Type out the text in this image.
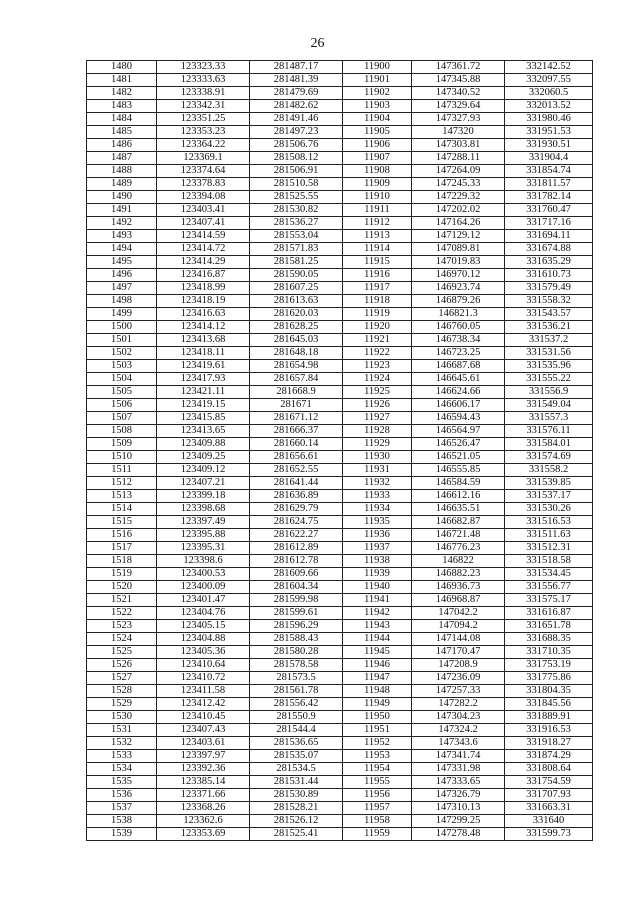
26
1480	123323.33	281487.17	11900	147361.72	332142.52
1481	123333.63	281481.39	11901	147345.88	332097.55
1482	123338.91	281479.69	11902	147340.52	332060.5
1483	123342.31	281482.62	11903	147329.64	332013.52
1484	123351.25	281491.46	11904	147327.93	331980.46
1485	123353.23	281497.23	11905	147320	331951.53
1486	123364.22	281506.76	11906	147303.81	331930.51
1487	123369.1	281508.12	11907	147288.11	331904.4
1488	123374.64	281506.91	11908	147264.09	331854.74
1489	123378.83	281510.58	11909	147245.33	331811.57
1490	123394.08	281525.55	11910	147229.32	331782.14
1491	123403.41	281530.82	11911	147202.02	331760.47
1492	123407.41	281536.27	11912	147164.26	331717.16
1493	123414.59	281553.04	11913	147129.12	331694.11
1494	123414.72	281571.83	11914	147089.81	331674.88
1495	123414.29	281581.25	11915	147019.83	331635.29
1496	123416.87	281590.05	11916	146970.12	331610.73
1497	123418.99	281607.25	11917	146923.74	331579.49
1498	123418.19	281613.63	11918	146879.26	331558.32
1499	123416.63	281620.03	11919	146821.3	331543.57
1500	123414.12	281628.25	11920	146760.05	331536.21
1501	123413.68	281645.03	11921	146738.34	331537.2
1502	123418.11	281648.18	11922	146723.25	331531.56
1503	123419.61	281654.98	11923	146687.68	331535.96
1504	123417.93	281657.84	11924	146645.61	331555.22
1505	123421.11	281668.9	11925	146624.66	331556.9
1506	123419.15	281671	11926	146606.17	331549.04
1507	123415.85	281671.12	11927	146594.43	331557.3
1508	123413.65	281666.37	11928	146564.97	331576.11
1509	123409.88	281660.14	11929	146526.47	331584.01
1510	123409.25	281656.61	11930	146521.05	331574.69
1511	123409.12	281652.55	11931	146555.85	331558.2
1512	123407.21	281641.44	11932	146584.59	331539.85
1513	123399.18	281636.89	11933	146612.16	331537.17
1514	123398.68	281629.79	11934	146635.51	331530.26
1515	123397.49	281624.75	11935	146682.87	331516.53
1516	123395.88	281622.27	11936	146721.48	331511.63
1517	123395.31	281612.89	11937	146776.23	331512.31
1518	123398.6	281612.78	11938	146822	331518.58
1519	123400.53	281609.66	11939	146882.23	331534.45
1520	123400.09	281604.34	11940	146936.73	331556.77
1521	123401.47	281599.98	11941	146968.87	331575.17
1522	123404.76	281599.61	11942	147042.2	331616.87
1523	123405.15	281596.29	11943	147094.2	331651.78
1524	123404.88	281588.43	11944	147144.08	331688.35
1525	123405.36	281580.28	11945	147170.47	331710.35
1526	123410.64	281578.58	11946	147208.9	331753.19
1527	123410.72	281573.5	11947	147236.09	331775.86
1528	123411.58	281561.78	11948	147257.33	331804.35
1529	123412.42	281556.42	11949	147282.2	331845.56
1530	123410.45	281550.9	11950	147304.23	331889.91
1531	123407.43	281544.4	11951	147324.2	331916.53
1532	123403.61	281536.65	11952	147343.6	331918.27
1533	123397.97	281535.07	11953	147341.74	331874.29
1534	123392.36	281534.5	11954	147331.98	331808.64
1535	123385.14	281531.44	11955	147333.65	331754.59
1536	123371.66	281530.89	11956	147326.79	331707.93
1537	123368.26	281528.21	11957	147310.13	331663.31
1538	123362.6	281526.12	11958	147299.25	331640
1539	123353.69	281525.41	11959	147278.48	331599.73
